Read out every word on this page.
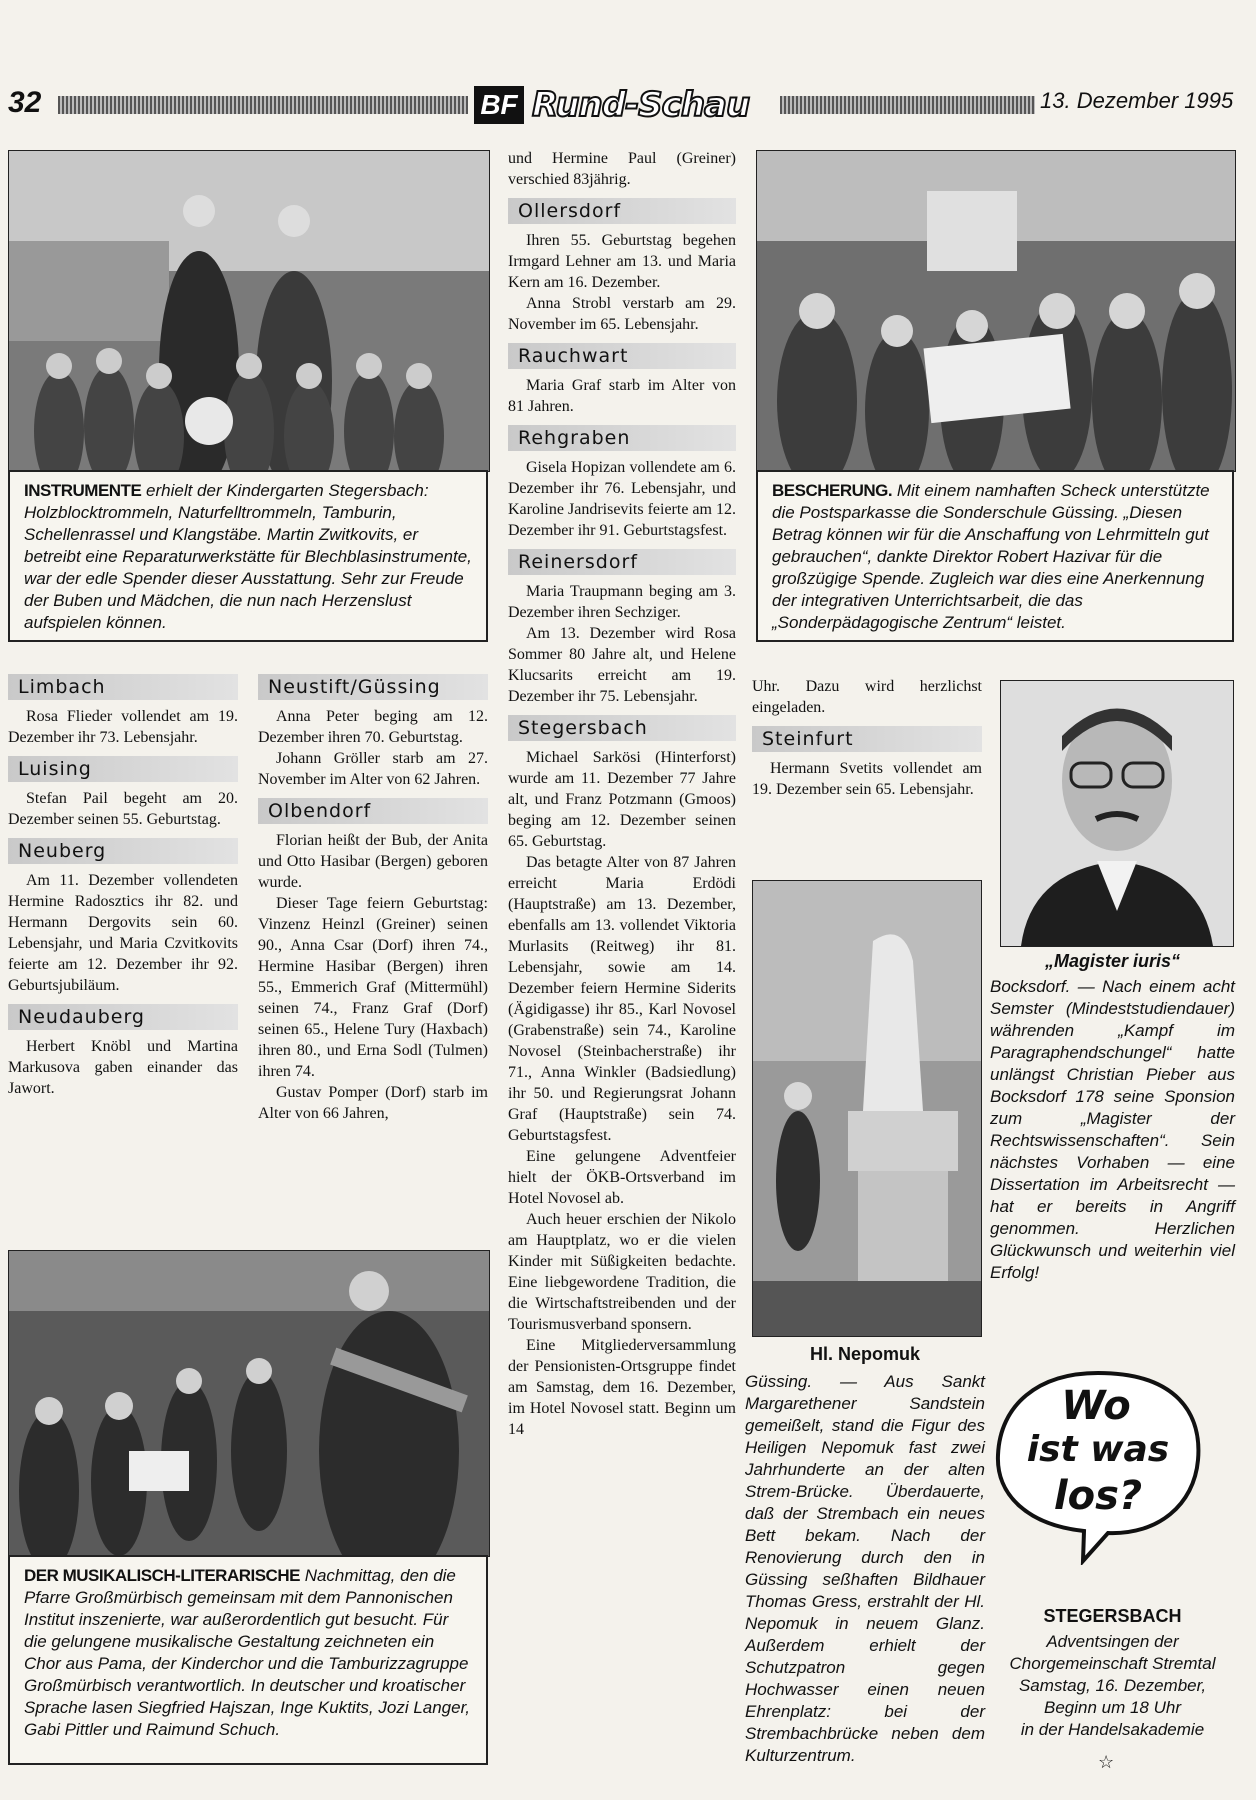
32	BF Rund-Schau	13. Dezember 1995
INSTRUMENTE erhielt der Kindergarten Stegersbach: Holzblocktrommeln, Naturfelltrommeln, Tamburin, Schellenrassel und Klangstäbe. Martin Zwitkovits, er betreibt eine Reparaturwerkstätte für Blechblasinstrumente, war der edle Spender dieser Ausstattung. Sehr zur Freude der Buben und Mädchen, die nun nach Herzenslust aufspielen können.
BESCHERUNG. Mit einem namhaften Scheck unterstützte die Postsparkasse die Sonderschule Güssing. „Diesen Betrag können wir für die Anschaffung von Lehrmitteln gut gebrauchen“, dankte Direktor Robert Hazivar für die großzügige Spende. Zugleich war dies eine Anerkennung der integrativen Unterrichtsarbeit, die das „Sonderpädagogische Zentrum“ leistet.
Limbach

Rosa Flieder vollendet am 19. Dezember ihr 73. Lebensjahr.

Luising

Stefan Pail begeht am 20. Dezember seinen 55. Geburtstag.

Neuberg

Am 11. Dezember vollendeten Hermine Radosztics ihr 82. und Hermann Dergovits sein 60. Lebensjahr, und Maria Czvitkovits feierte am 12. Dezember ihr 92. Geburtsjubiläum.

Neudauberg

Herbert Knöbl und Martina Markusova gaben einander das Jawort.

Neustift/Güssing

Anna Peter beging am 12. Dezember ihren 70. Geburtstag.

Johann Gröller starb am 27. November im Alter von 62 Jahren.

Olbendorf

Florian heißt der Bub, der Anita und Otto Hasibar (Bergen) geboren wurde.

Dieser Tage feiern Geburtstag: Vinzenz Heinzl (Greiner) seinen 90., Anna Csar (Dorf) ihren 74., Hermine Hasibar (Bergen) ihren 55., Emmerich Graf (Mittermühl) seinen 74., Franz Graf (Dorf) seinen 65., Helene Tury (Haxbach) ihren 80., und Erna Sodl (Tulmen) ihren 74.

Gustav Pomper (Dorf) starb im Alter von 66 Jahren,

DER MUSIKALISCH-LITERARISCHE Nachmittag, den die Pfarre Großmürbisch gemeinsam mit dem Pannonischen Institut inszenierte, war außerordentlich gut besucht. Für die gelungene musikalische Gestaltung zeichneten ein Chor aus Pama, der Kinderchor und die Tamburizzagruppe Großmürbisch verantwortlich. In deutscher und kroatischer Sprache lasen Siegfried Hajszan, Inge Kuktits, Jozi Langer, Gabi Pittler und Raimund Schuch.

und Hermine Paul (Greiner) verschied 83jährig.

Ollersdorf

Ihren 55. Geburtstag begehen Irmgard Lehner am 13. und Maria Kern am 16. Dezember.

Anna Strobl verstarb am 29. November im 65. Lebensjahr.

Rauchwart

Maria Graf starb im Alter von 81 Jahren.

Rehgraben

Gisela Hopizan vollendete am 6. Dezember ihr 76. Lebensjahr, und Karoline Jandrisevits feierte am 12. Dezember ihr 91. Geburtstagsfest.

Reinersdorf

Maria Traupmann beging am 3. Dezember ihren Sechziger.

Am 13. Dezember wird Rosa Sommer 80 Jahre alt, und Helene Klucsarits erreicht am 19. Dezember ihr 75. Lebensjahr.

Stegersbach

Michael Sarkösi (Hinterforst) wurde am 11. Dezember 77 Jahre alt, und Franz Potzmann (Gmoos) beging am 12. Dezember seinen 65. Geburtstag.

Das betagte Alter von 87 Jahren erreicht Maria Erdödi (Hauptstraße) am 13. Dezember, ebenfalls am 13. vollendet Viktoria Murlasits (Reitweg) ihr 81. Lebensjahr, sowie am 14. Dezember feiern Hermine Siderits (Ägidigasse) ihr 85., Karl Novosel (Grabenstraße) sein 74., Karoline Novosel (Steinbacherstraße) ihr 71., Anna Winkler (Badsiedlung) ihr 50. und Regierungsrat Johann Graf (Hauptstraße) sein 74. Geburtstagsfest.

Eine gelungene Adventfeier hielt der ÖKB-Ortsverband im Hotel Novosel ab.

Auch heuer erschien der Nikolo am Hauptplatz, wo er die vielen Kinder mit Süßigkeiten bedachte. Eine liebgewordene Tradition, die die Wirtschaftstreibenden und der Tourismusverband sponsern.

Eine Mitgliederversammlung der Pensionisten-Ortsgruppe findet am Samstag, dem 16. Dezember, im Hotel Novosel statt. Beginn um 14

Uhr. Dazu wird herzlichst eingeladen.

Steinfurt

Hermann Svetits vollendet am 19. Dezember sein 65. Lebensjahr.

Hl. Nepomuk
Güssing. — Aus Sankt Margarethener Sandstein gemeißelt, stand die Figur des Heiligen Nepomuk fast zwei Jahrhunderte an der alten Strem-Brücke. Überdauerte, daß der Strembach ein neues Bett bekam. Nach der Renovierung durch den in Güssing seßhaften Bildhauer Thomas Gress, erstrahlt der Hl. Nepomuk in neuem Glanz. Außerdem erhielt der Schutzpatron gegen Hochwasser einen neuen Ehrenplatz: bei der Strembachbrücke neben dem Kulturzentrum.
„Magister iuris“
Bocksdorf. — Nach einem acht Semster (Mindeststudiendauer) währenden „Kampf im Paragraphendschungel“ hatte unlängst Christian Pieber aus Bocksdorf 178 seine Sponsion zum „Magister der Rechtswissenschaften“. Sein nächstes Vorhaben — eine Dissertation im Arbeitsrecht — hat er bereits in Angriff genommen. Herzlichen Glückwunsch und weiterhin viel Erfolg!
Wo
ist was
los?
STEGERSBACH
Adventsingen der
Chorgemeinschaft Stremtal
Samstag, 16. Dezember,
Beginn um 18 Uhr
in der Handelsakademie
☆
